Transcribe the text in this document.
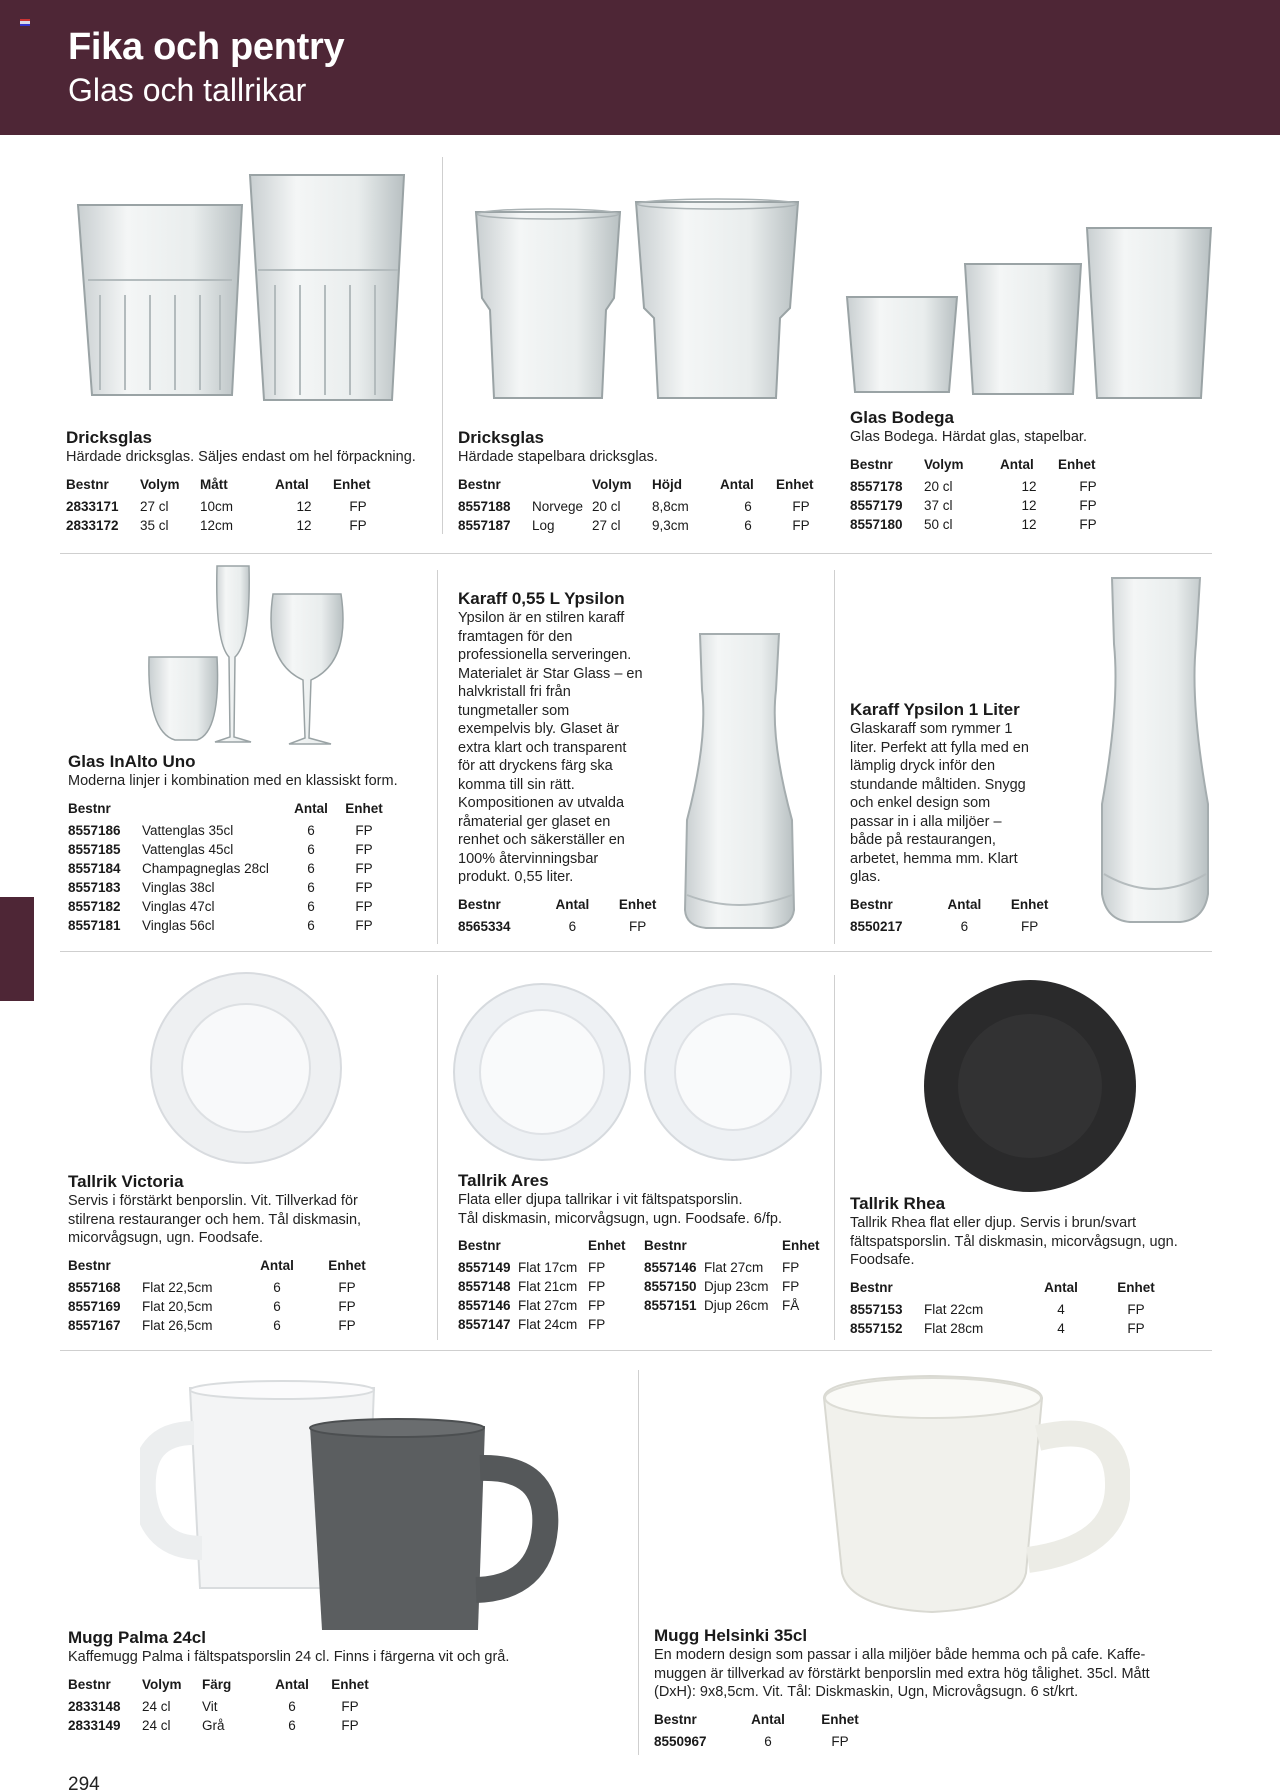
Fika och pentry
Glas och tallrikar
Dricksglas
Härdade dricksglas. Säljes endast om hel förpackning.
Bestnr	Volym	Mått	Antal	Enhet
2833171	27 cl	10cm	12	FP
2833172	35 cl	12cm	12	FP
Dricksglas
Härdade stapelbara dricksglas.
Bestnr		Volym	Höjd	Antal	Enhet
8557188	Norvege	20 cl	8,8cm	6	FP
8557187	Log	27 cl	9,3cm	6	FP
Glas Bodega
Glas Bodega. Härdat glas, stapelbar.
Bestnr	Volym	Antal	Enhet
8557178	20 cl	12	FP
8557179	37 cl	12	FP
8557180	50 cl	12	FP
Glas InAlto Uno
Moderna linjer i kombination med en klassiskt form.
Bestnr		Antal	Enhet
8557186	Vattenglas 35cl	6	FP
8557185	Vattenglas 45cl	6	FP
8557184	Champagneglas 28cl	6	FP
8557183	Vinglas 38cl	6	FP
8557182	Vinglas 47cl	6	FP
8557181	Vinglas 56cl	6	FP
Karaff 0,55 L Ypsilon
Ypsilon är en stilren karaff
framtagen för den
professionella serveringen.
Materialet är Star Glass – en
halvkristall fri från
tungmetaller som
exempelvis bly. Glaset är
extra klart och transparent
för att dryckens färg ska
komma till sin rätt.
Kompositionen av utvalda
råmaterial ger glaset en
renhet och säkerställer en
100% återvinningsbar
produkt. 0,55 liter.
Bestnr	Antal	Enhet
8565334	6	FP
Karaff Ypsilon 1 Liter
Glaskaraff som rymmer 1
liter. Perfekt att fylla med en
lämplig dryck inför den
stundande måltiden. Snygg
och enkel design som
passar in i alla miljöer –
både på restaurangen,
arbetet, hemma mm. Klart
glas.
Bestnr	Antal	Enhet
8550217	6	FP
Tallrik Victoria
Servis i förstärkt benporslin. Vit. Tillverkad för
stilrena restauranger och hem. Tål diskmasin,
micorvågsugn, ugn. Foodsafe.
Bestnr		Antal	Enhet
8557168	Flat 22,5cm	6	FP
8557169	Flat 20,5cm	6	FP
8557167	Flat 26,5cm	6	FP
Tallrik Ares
Flata eller djupa tallrikar i vit fältspatsporslin.
Tål diskmasin, micorvågsugn, ugn. Foodsafe. 6/fp.
Bestnr		Enhet	Bestnr		Enhet
8557149	Flat 17cm	FP	8557146	Flat 27cm	FP
8557148	Flat 21cm	FP	8557150	Djup 23cm	FP
8557146	Flat 27cm	FP	8557151	Djup 26cm	FÅ
8557147	Flat 24cm	FP			
Tallrik Rhea
Tallrik Rhea flat eller djup. Servis i brun/svart
fältspatsporslin. Tål diskmasin, micorvågsugn, ugn.
Foodsafe.
Bestnr		Antal	Enhet
8557153	Flat 22cm	4	FP
8557152	Flat 28cm	4	FP
Mugg Palma 24cl
Kaffemugg Palma i fältspatsporslin 24 cl. Finns i färgerna vit och grå.
Bestnr	Volym	Färg	Antal	Enhet
2833148	24 cl	Vit	6	FP
2833149	24 cl	Grå	6	FP
Mugg Helsinki 35cl
En modern design som passar i alla miljöer både hemma och på cafe. Kaffe-
muggen är tillverkad av förstärkt benporslin med extra hög tålighet. 35cl. Mått
(DxH): 9x8,5cm. Vit. Tål: Diskmaskin, Ugn, Microvågsugn. 6 st/krt.
Bestnr	Antal	Enhet
8550967	6	FP
294
